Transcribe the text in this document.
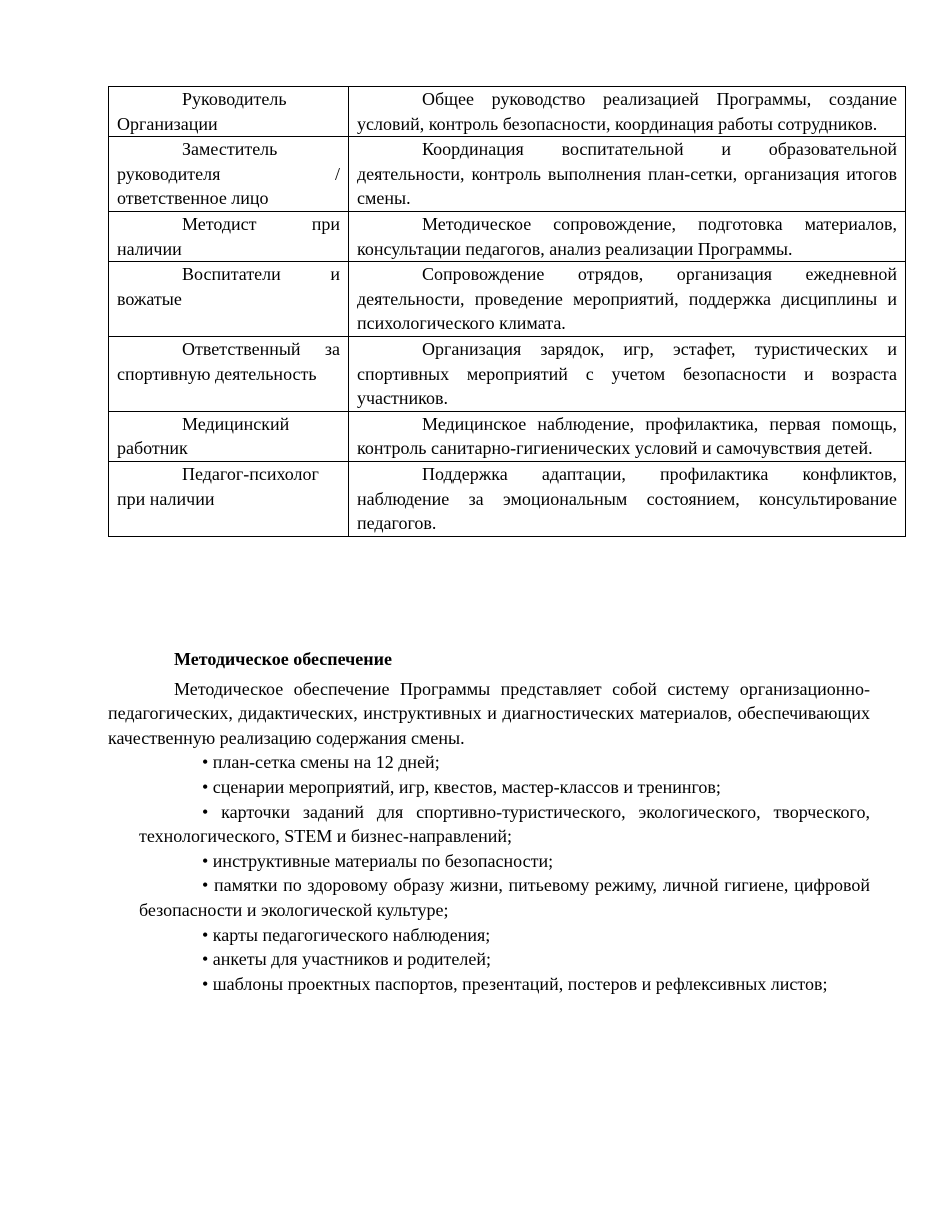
Руководитель Организации	Общее руководство реализацией Программы, создание условий, контроль безопасности, координация работы сотрудников.

Заместитель руководителя / ответственное лицо	Координация воспитательной и образовательной деятельности, контроль выполнения план-сетки, организация итогов смены.

Методист при наличии	Методическое сопровождение, подготовка материалов, консультации педагогов, анализ реализации Программы.

Воспитатели и вожатые	Сопровождение отрядов, организация ежедневной деятельности, проведение мероприятий, поддержка дисциплины и психологического климата.

Ответственный за спортивную деятельность	Организация зарядок, игр, эстафет, туристических и спортивных мероприятий с учетом безопасности и возраста участников.

Медицинский работник	Медицинское наблюдение, профилактика, первая помощь, контроль санитарно-гигиенических условий и самочувствия детей.

Педагог-психолог при наличии	Поддержка адаптации, профилактика конфликтов, наблюдение за эмоциональным состоянием, консультирование педагогов.

Методическое обеспечение

Методическое обеспечение Программы представляет собой систему организационно-педагогических, дидактических, инструктивных и диагностических материалов, обеспечивающих качественную реализацию содержания смены.

• план-сетка смены на 12 дней;
• сценарии мероприятий, игр, квестов, мастер-классов и тренингов;
• карточки заданий для спортивно-туристического, экологического, творческого, технологического, STEM и бизнес-направлений;
• инструктивные материалы по безопасности;
• памятки по здоровому образу жизни, питьевому режиму, личной гигиене, цифровой безопасности и экологической культуре;
• карты педагогического наблюдения;
• анкеты для участников и родителей;
• шаблоны проектных паспортов, презентаций, постеров и рефлексивных листов;
